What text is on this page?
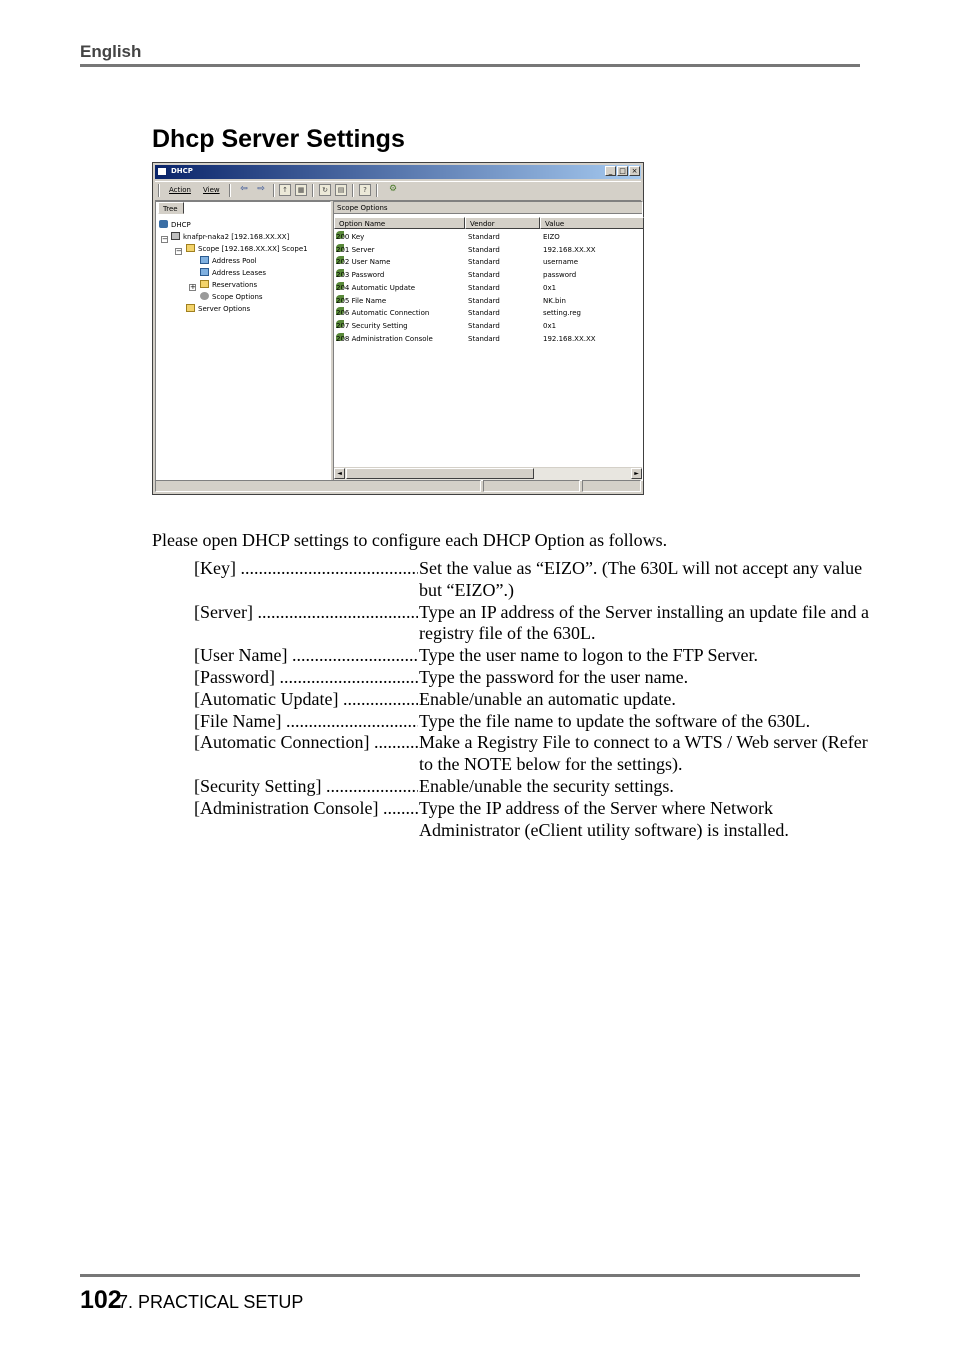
English
Dhcp Server Settings
DHCP	_ □ ×
Action View ⇦ ⇨	↑	▦	↻	▤	?	⚙
Tree
DHCP
−	knafpr-naka2 [192.168.XX.XX]
−	Scope [192.168.XX.XX] Scope1
Address Pool
Address Leases
+	Reservations
Scope Options
Server Options
Scope Options
Option Name	Vendor	Value
200 Key	Standard	EIZO
201 Server	Standard	192.168.XX.XX
202 User Name	Standard	username
203 Password	Standard	password
204 Automatic Update	Standard	0x1
205 File Name	Standard	NK.bin
206 Automatic Connection	Standard	setting.reg
207 Security Setting	Standard	0x1
208 Administration Console	Standard	192.168.XX.XX
◄	►
Please open DHCP settings to configure each DHCP Option as follows.
[Key] .....	Set the value as “EIZO”. (The 630L will not accept any value but “EIZO”.)
[Server] .....	Type an IP address of the Server installing an update file and a registry file of the 630L.
[User Name] .....	Type the user name to logon to the FTP Server.
[Password] .....	Type the password for the user name.
[Automatic Update] .....	Enable/unable an automatic update.
[File Name] .....	Type the file name to update the software of the 630L.
[Automatic Connection] .....	Make a Registry File to connect to a WTS / Web server (Refer to the NOTE below for the settings).
[Security Setting] .....	Enable/unable the security settings.
[Administration Console] .....	Type the IP address of the Server where Network Administrator (eClient utility software) is installed.
102
7. PRACTICAL SETUP
